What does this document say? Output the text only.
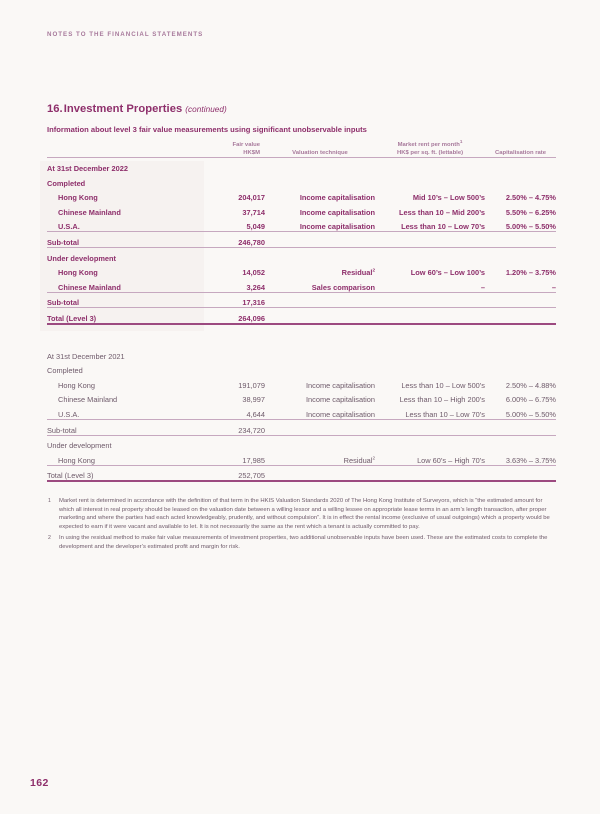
NOTES TO THE FINANCIAL STATEMENTS
16.Investment Properties (continued)
Information about level 3 fair value measurements using significant unobservable inputs
	Fair value
HK$M	Valuation technique	Market rent per month$^1$
HK$ per sq. ft. (lettable)	Capitalisation rate
At 31st December 2022				
Completed				
Hong Kong	204,017	Income capitalisation	Mid 10’s – Low 500’s	2.50% – 4.75%
Chinese Mainland	37,714	Income capitalisation	Less than 10 – Mid 200’s	5.50% – 6.25%
U.S.A.	5,049	Income capitalisation	Less than 10 – Low 70’s	5.00% – 5.50%
Sub-total	246,780			
Under development				
Hong Kong	14,052	Residual$^2$	Low 60’s – Low 100’s	1.20% – 3.75%
Chinese Mainland	3,264	Sales comparison	–	–
Sub-total	17,316			
Total (Level 3)	264,096			
At 31st December 2021				
Completed				
Hong Kong	191,079	Income capitalisation	Less than 10 – Low 500’s	2.50% – 4.88%
Chinese Mainland	38,997	Income capitalisation	Less than 10 – High 200’s	6.00% – 6.75%
U.S.A.	4,644	Income capitalisation	Less than 10 – Low 70’s	5.00% – 5.50%
Sub-total	234,720			
Under development				
Hong Kong	17,985	Residual$^2$	Low 60’s – High 70’s	3.63% – 3.75%
Total (Level 3)	252,705			
1 Market rent is determined in accordance with the definition of that term in the HKIS Valuation Standards 2020 of The Hong Kong Institute of Surveyors, which is “the estimated amount for which all interest in real property should be leased on the valuation date between a willing lessor and a willing lessee on appropriate lease terms in an arm’s length transaction, after proper marketing and where the parties had each acted knowledgeably, prudently, and without compulsion”. It is in effect the rental income (exclusive of usual outgoings) which a property would be expected to earn if it were vacant and available to let. It is not necessarily the same as the rent which a tenant is actually committed to pay.
2 In using the residual method to make fair value measurements of investment properties, two additional unobservable inputs have been used. These are the estimated costs to complete the development and the developer’s estimated profit and margin for risk.
162
